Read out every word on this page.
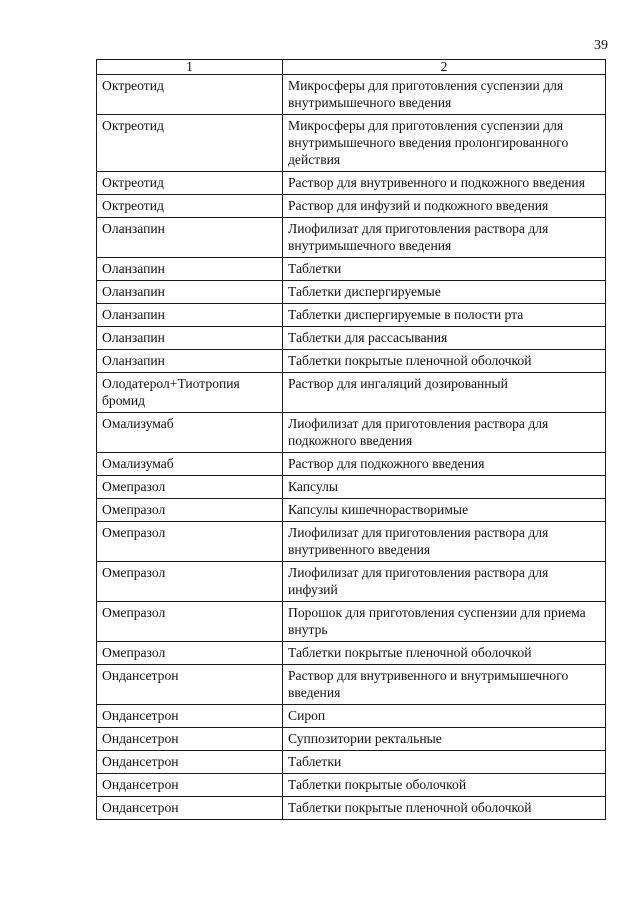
39
1	2
Октреотид	Микросферы для приготовления суспензии для внутримышечного введения
Октреотид	Микросферы для приготовления суспензии для внутримышечного введения пролонгированного действия
Октреотид	Раствор для внутривенного и подкожного введения
Октреотид	Раствор для инфузий и подкожного введения
Оланзапин	Лиофилизат для приготовления раствора для внутримышечного введения
Оланзапин	Таблетки
Оланзапин	Таблетки диспергируемые
Оланзапин	Таблетки диспергируемые в полости рта
Оланзапин	Таблетки для рассасывания
Оланзапин	Таблетки покрытые пленочной оболочкой
Олодатерол+Тиотропия бромид	Раствор для ингаляций дозированный
Омализумаб	Лиофилизат для приготовления раствора для подкожного введения
Омализумаб	Раствор для подкожного введения
Омепразол	Капсулы
Омепразол	Капсулы кишечнорастворимые
Омепразол	Лиофилизат для приготовления раствора для внутривенного введения
Омепразол	Лиофилизат для приготовления раствора для инфузий
Омепразол	Порошок для приготовления суспензии для приема внутрь
Омепразол	Таблетки покрытые пленочной оболочкой
Ондансетрон	Раствор для внутривенного и внутримышечного введения
Ондансетрон	Сироп
Ондансетрон	Суппозитории ректальные
Ондансетрон	Таблетки
Ондансетрон	Таблетки покрытые оболочкой
Ондансетрон	Таблетки покрытые пленочной оболочкой
